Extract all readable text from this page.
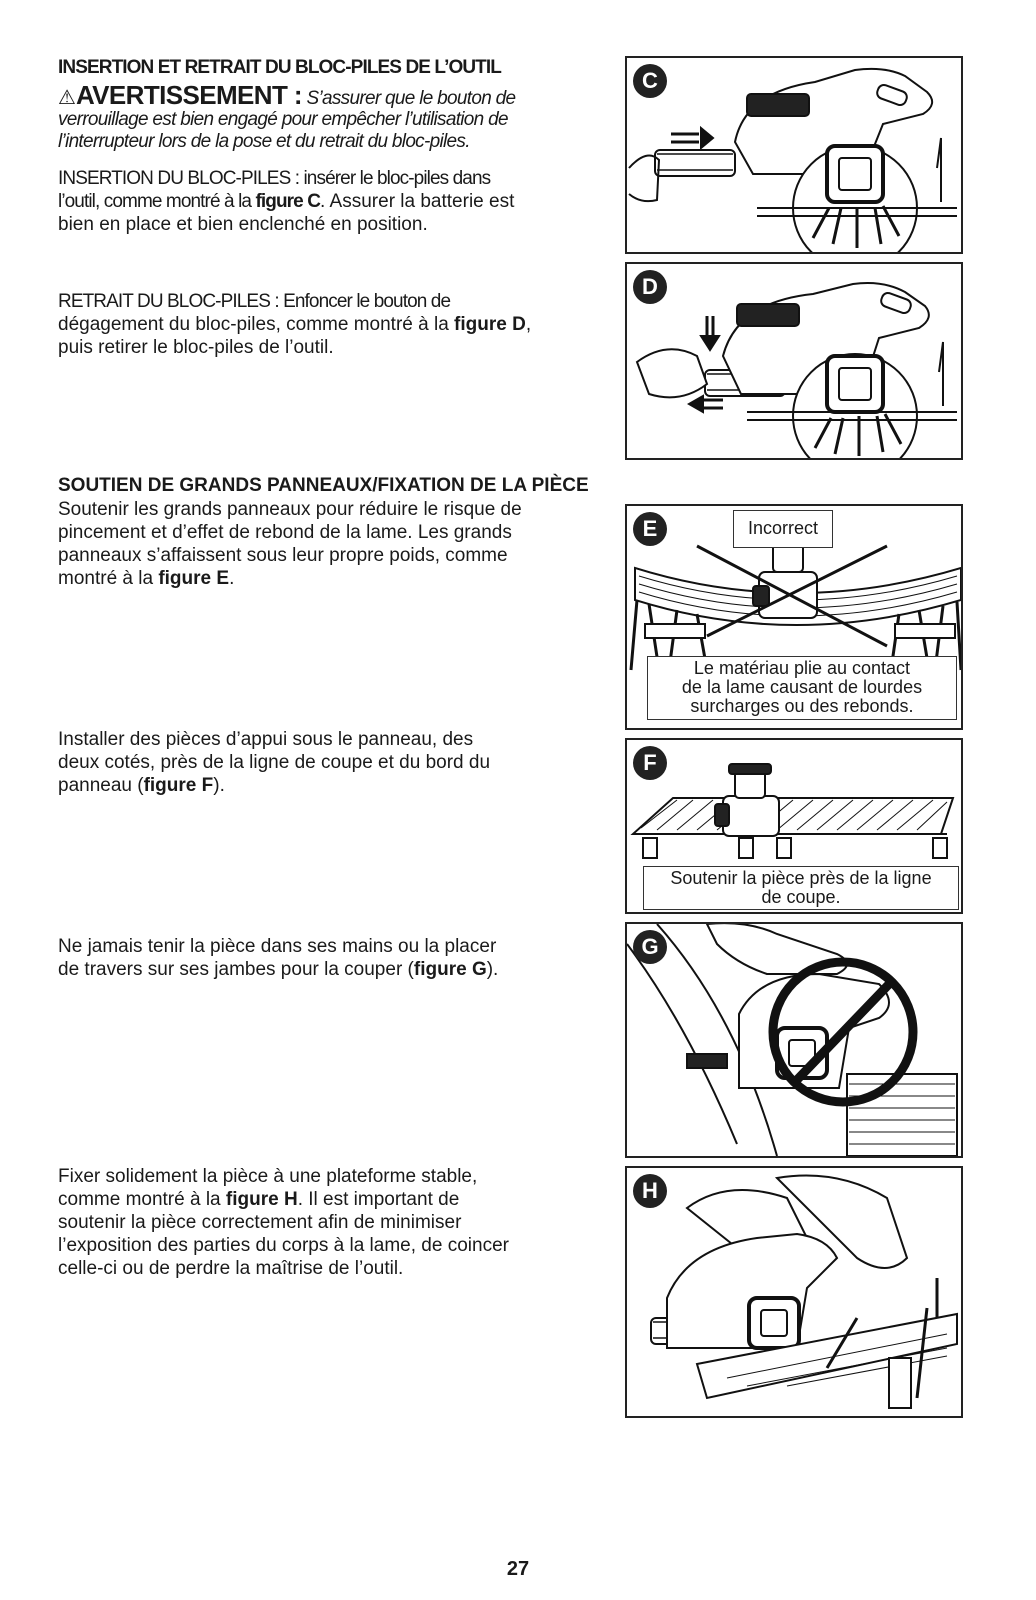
INSERTION ET RETRAIT DU BLOC-PILES DE L’OUTIL
⚠AVERTISSEMENT : S’assurer que le bouton de
verrouillage est bien engagé pour empêcher l’utilisation de
l’interrupteur lors de la pose et du retrait du bloc-piles.
INSERTION DU BLOC-PILES : insérer le bloc-piles dans
l’outil, comme montré à la figure C. Assurer la batterie est
bien en place et bien enclenché en position.
RETRAIT DU BLOC-PILES : Enfoncer le bouton de
dégagement du bloc-piles, comme montré à la figure D,
puis retirer le bloc-piles de l’outil.
SOUTIEN DE GRANDS PANNEAUX/FIXATION DE LA PIÈCE
Soutenir les grands panneaux pour réduire le risque de
pincement et d’effet de rebond de la lame. Les grands
panneaux s’affaissent sous leur propre poids, comme
montré à la figure E.
Installer des pièces d’appui sous le panneau, des
deux cotés, près de la ligne de coupe et du bord du
panneau (figure F).
Ne jamais tenir la pièce dans ses mains ou la placer
de travers sur ses jambes pour la couper (figure G).
Fixer solidement la pièce à une plateforme stable,
comme montré à la figure H. Il est important de
soutenir la pièce correctement afin de minimiser
l’exposition des parties du corps à la lame, de coincer
celle-ci ou de perdre la maîtrise de l’outil.
C
D
E	Incorrect
Le matériau plie au contact
de la lame causant de lourdes
surcharges ou des rebonds.
F
Soutenir la pièce près de la ligne
de coupe.
G
H
27
